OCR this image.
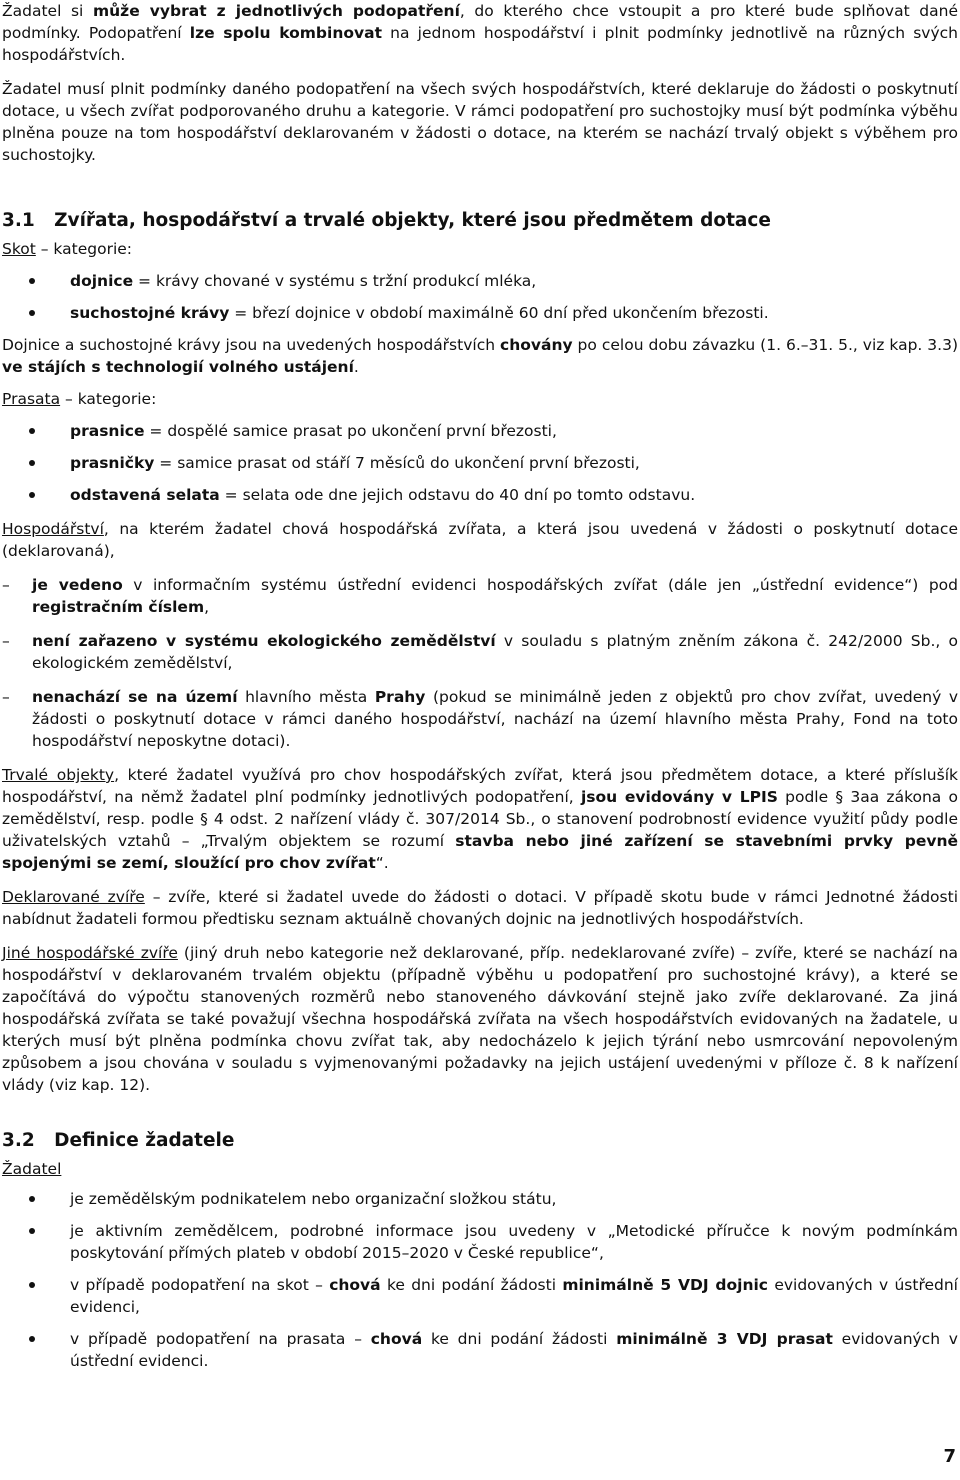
Žadatel si může vybrat z jednotlivých podopatření, do kterého chce vstoupit a pro které bude splňovat dané podmínky. Podopatření lze spolu kombinovat na jednom hospodářství i plnit podmínky jednotlivě na různých svých hospodářstvích.

Žadatel musí plnit podmínky daného podopatření na všech svých hospodářstvích, které deklaruje do žádosti o poskytnutí dotace, u všech zvířat podporovaného druhu a kategorie. V rámci podopatření pro suchostojky musí být podmínka výběhu plněna pouze na tom hospodářství deklarovaném v žádosti o dotace, na kterém se nachází trvalý objekt s výběhem pro suchostojky.

3.1 Zvířata, hospodářství a trvalé objekty, které jsou předmětem dotace

Skot – kategorie:

dojnice = krávy chované v systému s tržní produkcí mléka,
suchostojné krávy = březí dojnice v období maximálně 60 dní před ukončením březosti.

Dojnice a suchostojné krávy jsou na uvedených hospodářstvích chovány po celou dobu závazku (1. 6.–31. 5., viz kap. 3.3) ve stájích s technologií volného ustájení.

Prasata – kategorie:

prasnice = dospělé samice prasat po ukončení první březosti,
prasničky = samice prasat od stáří 7 měsíců do ukončení první březosti,
odstavená selata = selata ode dne jejich odstavu do 40 dní po tomto odstavu.

Hospodářství, na kterém žadatel chová hospodářská zvířata, a která jsou uvedená v žádosti o poskytnutí dotace (deklarovaná),

– je vedeno v informačním systému ústřední evidenci hospodářských zvířat (dále jen „ústřední evidence“) pod registračním číslem,
– není zařazeno v systému ekologického zemědělství v souladu s platným zněním zákona č. 242/2000 Sb., o ekologickém zemědělství,
– nenachází se na území hlavního města Prahy (pokud se minimálně jeden z objektů pro chov zvířat, uvedený v žádosti o poskytnutí dotace v rámci daného hospodářství, nachází na území hlavního města Prahy, Fond na toto hospodářství neposkytne dotaci).

Trvalé objekty, které žadatel využívá pro chov hospodářských zvířat, která jsou předmětem dotace, a které příslušík hospodářství, na němž žadatel plní podmínky jednotlivých podopatření, jsou evidovány v LPIS podle § 3aa zákona o zemědělství, resp. podle § 4 odst. 2 nařízení vlády č. 307/2014 Sb., o stanovení podrobností evidence využití půdy podle uživatelských vztahů – „Trvalým objektem se rozumí stavba nebo jiné zařízení se stavebními prvky pevně spojenými se zemí, sloužící pro chov zvířat“.

Deklarované zvíře – zvíře, které si žadatel uvede do žádosti o dotaci. V případě skotu bude v rámci Jednotné žádosti nabídnut žadateli formou předtisku seznam aktuálně chovaných dojnic na jednotlivých hospodářstvích.

Jiné hospodářské zvíře (jiný druh nebo kategorie než deklarované, příp. nedeklarované zvíře) – zvíře, které se nachází na hospodářství v deklarovaném trvalém objektu (případně výběhu u podopatření pro suchostojné krávy), a které se započítává do výpočtu stanovených rozměrů nebo stanoveného dávkování stejně jako zvíře deklarované. Za jiná hospodářská zvířata se také považují všechna hospodářská zvířata na všech hospodářstvích evidovaných na žadatele, u kterých musí být plněna podmínka chovu zvířat tak, aby nedocházelo k jejich týrání nebo usmrcování nepovoleným způsobem a jsou chována v souladu s vyjmenovanými požadavky na jejich ustájení uvedenými v příloze č. 8 k nařízení vlády (viz kap. 12).

3.2 Definice žadatele

Žadatel

je zemědělským podnikatelem nebo organizační složkou státu,
je aktivním zemědělcem, podrobné informace jsou uvedeny v „Metodické příručce k novým podmínkám poskytování přímých plateb v období 2015–2020 v České republice“,
v případě podopatření na skot – chová ke dni podání žádosti minimálně 5 VDJ dojnic evidovaných v ústřední evidenci,
v případě podopatření na prasata – chová ke dni podání žádosti minimálně 3 VDJ prasat evidovaných v ústřední evidenci.
7
